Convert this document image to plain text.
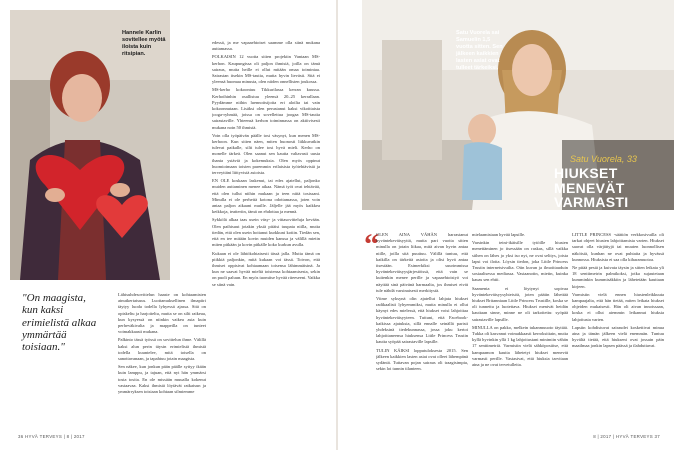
Hannele Karlin sovitellee myötä iloista kuin ritsipian.
"On maagista, kun kaksi erimielistä alkaa ymmärtää toisiaan."

Lähisuhdesovittelun haaste on kohtaamisten ainutkertaisuus. Luottamuksellinen ilmapiiri täytyy luoda todella lyhyessä ajassa. Sitä on opiskeltu ja harjoiteltu, mutta se on silti raikeaa, kun kysyessä on niinkin vaikea asia kuin perheväkivalta ja mappeilla on tunteet voimakkaasti mukana.

Palkinto tässä työssä on sovittelun ihme. Välillä kaksi alun perin täysin erimielistä ihmistä todella kuuntelee, mitä toisella on sanottavanaan, ja tapahtuu jotain maagista.

Sen näkee, kun jonkun pään päälle syttyy ikään kuin lamppu, ja tajuan, että nyt hän ymmärsi tosta tosita. En ole missään muualla kokenut vastaavaa. Kaksi ihmistä löytävät ratkaisun ja ymmärryksen toisiaan kohtaan silmiemme

edessä, ja me vapaaehtoiset saamme olla siinä mukana auttamassa.

POLKAISIN 12 vuotta sitten projektin Vantaan MS-kerhon. Kaupungissa oli paljon ihmisiä, joilla on tämä sairaus, mutta heille ei ollut mitään omaa toimintaa. Sairastan itsekin MS-tautia, mutta hyvin lievästi. Sitä ei yleensä huomaa minusta, olen niiden onnellisten joukossa.

MS-kerho kokoontuu Tikkurilassa kerran kuussa. Kerhoihinhin osallistuu yleensä 20–25 kerrallaan. Pyydämme niihin luennoitsijoita eri aloilta tai vain kokoonnutaan. Lisäksi olen perustanut kaksi vikoittaista jooga-ryhmää, joissa on sovellettua joogaa MS-tautia sairastaville. Yhteensä kerhon toiminnassa on aktiivisesti mukana noin 50 ihmistä.

Voin olla työpäivän päälle tosi väsynyt, kun menen MS-kerhoon. Kun sitten näen, miten huonosti liikkuvatkin tulevat paikalle, silti tulee tosi hyvä mieli. Kerho on monelle tärkeä. Olen saanut sen kautta valtavasti uusia ihania ystäviä ja kokemuksia. Olen myös oppinut huomioimaan toisten paremmin erilaisista työtehtävistä ja terveyttäni liittyvistä asioista.

EN OLE koskaan laskenut, tai edes ajatellut, paljonko muiden auttaminen menee aikaa. Nämä työt ovat tehtävää, että olen tullut niihin mukaan ja teen niitä tosissani. Minulla ei ole perheitä kotona odottamassa, joten voin antaa paljon aikaani muille. Jäljelle jää myös kaikkea keikkoja, teatteriin, tämä on ehdottaa ja mennä.

Sykkölä alkaa taas usein väsy- ja vittasovitteluja kevään. Olen paihisuut jotakin yksiä pitäisi tuupata niilla, mutta tiedän, että olen usein hoitanut kurkkuni kotiin. Tiedän sen, että en tee mitään kovin muiden kanssa ja välillä mietin miten pitkään ja kovin pitkälle koko kurkun avulla.

Kukaan ei ole lähtökohtaisesti tässä jalla. Mutta tämä on piikkiä paljonkin, mitä kukaan voi tässä. Toivon, että ihmiset oppisivat kohtaamaan toisensa lähimmäisinä. Ja kun ne saavat hyvää mieltä toistensa kohtaamisesta, sekin on puoli paluun. En myös tuomitse hyvää riteeseeni. Vaikka se siinä vain.

36 HYVÄ TERVEYS | 8 | 2017
Satu Vuorela sai Samuelin 1,5 vuotta sitten. Sen jälkeen kaikkien lasten asiat ovat tulleet tärkeiksi.
Satu Vuorela, 33
HIUKSET MENEVÄT VARMASTI PERILLE
“

OLEN AINA VÄHÄN harrastanut hyväntekeväisyyttä, mutta pari vuotta sitten minulla on jotain liikaa, mitä aivan hyvin antaa niille, joilla sitä puuttuu. Välillä tuntuu, että kaikilla on tärkeitä asioita ja olisi hyvä antaa itsestään. Esimerkiksi suurimmissa hyväntekeväisyysjärjestöissä, että vain se kuitenkin menee perille ja vapaaehtoistyö voi näyttää sinä päivänä harmaalta, jos ihmiset eivät tule nähdä varsinaisesti merkitystä.

Viime syksynä olin ajatellut lahjata hiukset radikaalisti lyhyemmiksi, mutta minulla ei ollut käynyt edes mielessä, että hiukset voisi lahjoittaa hyväntekeväisyyteen. Tuttuni, että Facebook-kaikissa ajatuksia, sillä ennalle seinällä paristi yhdeksinä tiedekunnassa, jossa joku kertoi lahjoittaneensa hiuksensa Little Princess Trustin kautta syöpää sairastaville lapsille.

TULIN KÄIKSI lopputuloksesta 2015. Sen jälkeen kaikkien lasten asiat ovat olleet lähempänä sydäntä. Tuttavan pojan sairaus oli traagisimpia, sekin loi tunnin tilanteen.

mielaamistaan hyvää lapsille.

Varsinkin teini-ikäisille tytöille hiusten menettäminen jo itsessään on raskas, sillä vaikka siihen on lähes jo yksi iso nyt, ne ovat selitys, joista lapsi voi iloita. Löysin tiedon, joka Little Princess Trustin internetsivuilta. Otin kuvan ja ilmoittauduin sosiaalisessa mediassa. Vastaanotin, mietin, kuinka kauas sen ehtii.

Saamenta ei löytynyt sopivaa hyväntekeväisyysyhteisöä, joten päätin lähettää hiukset Britanniaan Little Princess Trustille, koska se oli tunnettu ja luotettava. Hiukset menivät heidän kauttaan sinne, minne ne oli tarkoitettu: syöpää sairastaville lapsille.

MINULLA on pakko, melkein tukanmuuoto täyttää. Tukka oli kasvanut voimakkaasti kerroksittain, mutta kyllä hyvinkin yllä 1 kg lahjoitustani minimiin vähän 17 senttimetriä. Varmistin vielä sähköpostitse, että kampaamon kautta lähetetyt hiukset menevät varmasti perille. Vastasivat, että hiuksia tarvitaan aina ja ne ovat tervetulleita.

LITTLE PRINCESS -säätiön verkkosivuilla oli tarkat ohjeet hiusten lahjoittamista varten. Hiukset saavat olla värjättyjä tai muuten luonnollisen näköisiä, kunhan ne ovat puhtaita ja hyvässä kunnossa. Hiuksista ei saa olla kiharamuotoa.

Ne pitää pestä ja kuivata täysin ja sitten leikata yli 18 senttimetrin palmikoksi, jotka sujautetaan kumminkin kummisäkkiin ja lähetetään kauttaan kirjeen.

Varmistin vielä ennen hiustenleikkuuta kampaajalta, että hän tietää, miten leikata hiukset ohjeiden mukaisesti. Hän oli aivan innoissaan, koska ei ollut aiemmin leikannut hiuksia lahjoitusta varten.

Lapsiin kohdistuvat sairaudet koskettivat minua aina ja tämän jälkeen vielä enemmän. Tuntuu hyvältä tietää, että hiukseni ovat jossain päin maailmaa jonkin lapsen päässä ja ilahduttavat.

8 | 2017 | HYVÄ TERVEYS 37
